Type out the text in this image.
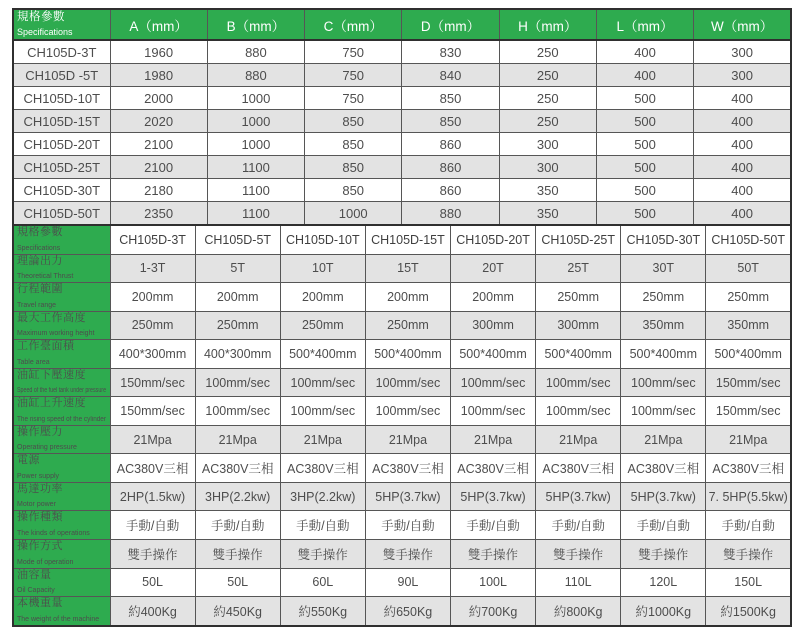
規格參數
Specifications	A（mm）	B（mm）	C（mm）	D（mm）	H（mm）	L（mm）	W（mm）
CH105D-3T	1960	880	750	830	250	400	300
CH105D -5T	1980	880	750	840	250	400	300
CH105D-10T	2000	1000	750	850	250	500	400
CH105D-15T	2020	1000	850	850	250	500	400
CH105D-20T	2100	1000	850	860	300	500	400
CH105D-25T	2100	1100	850	860	300	500	400
CH105D-30T	2180	1100	850	860	350	500	400
CH105D-50T	2350	1100	1000	880	350	500	400
規格參數
Specifications	CH105D-3T	CH105D-5T	CH105D-10T	CH105D-15T	CH105D-20T	CH105D-25T	CH105D-30T	CH105D-50T

理論出力
Theoretical Thrust	1-3T	5T	10T	15T	20T	25T	30T	50T

行程範圍
Travel range	200mm	200mm	200mm	200mm	200mm	250mm	250mm	250mm

最大工作高度
Maximum working height	250mm	250mm	250mm	250mm	300mm	300mm	350mm	350mm

工作臺面積
Table area	400*300mm	400*300mm	500*400mm	500*400mm	500*400mm	500*400mm	500*400mm	500*400mm

油缸下壓速度
Speed of the fuel tank under pressure	150mm/sec	100mm/sec	100mm/sec	100mm/sec	100mm/sec	100mm/sec	100mm/sec	150mm/sec

油缸上升速度
The rising speed of the cylinder	150mm/sec	100mm/sec	100mm/sec	100mm/sec	100mm/sec	100mm/sec	100mm/sec	150mm/sec

操作壓力
Operating pressure	21Mpa	21Mpa	21Mpa	21Mpa	21Mpa	21Mpa	21Mpa	21Mpa

電源
Power supply	AC380V三相	AC380V三相	AC380V三相	AC380V三相	AC380V三相	AC380V三相	AC380V三相	AC380V三相

馬達功率
Motor power	2HP(1.5kw)	3HP(2.2kw)	3HP(2.2kw)	5HP(3.7kw)	5HP(3.7kw)	5HP(3.7kw)	5HP(3.7kw)	7. 5HP(5.5kw)

操作種類
The kinds of operations	手動/自動	手動/自動	手動/自動	手動/自動	手動/自動	手動/自動	手動/自動	手動/自動

操作方式
Mode of operation	雙手操作	雙手操作	雙手操作	雙手操作	雙手操作	雙手操作	雙手操作	雙手操作

油容量
Oil Capacity	50L	50L	60L	90L	100L	110L	120L	150L

本機重量
The weight of the machine	約400Kg	約450Kg	約550Kg	約650Kg	約700Kg	約800Kg	約1000Kg	約1500Kg
